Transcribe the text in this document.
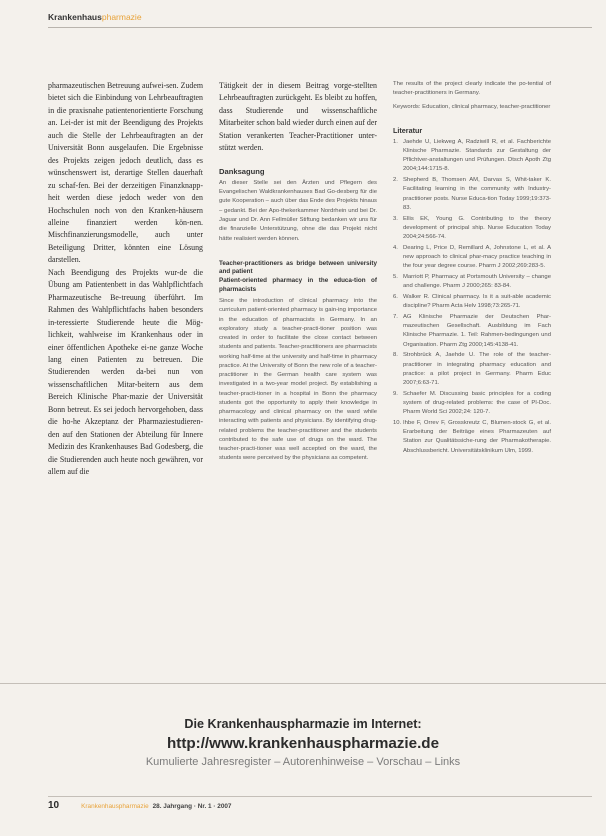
Krankenhauspharmazie

pharmazeutischen Betreuung aufwei-sen. Zudem bietet sich die Einbindung von Lehrbeauftragten in die praxisnahe patientenorientierte Forschung an. Lei-der ist mit der Beendigung des Projekts auch die Stelle der Lehrbeauftragten an der Universität Bonn ausgelaufen. Die Ergebnisse des Projekts zeigen jedoch deutlich, dass es wünschenswert ist, derartige Stellen dauerhaft zu schaf-fen. Bei der derzeitigen Finanzknapp-heit werden diese jedoch weder von den Hochschulen noch von den Kranken-häusern alleine finanziert werden kön-nen. Mischfinanzierungsmodelle, auch unter Beteiligung Dritter, könnten eine Lösung darstellen.

Nach Beendigung des Projekts wur-de die Übung am Patientenbett in das Wahlpflichtfach Pharmazeutische Be-treuung überführt. Im Rahmen des Wahlpflichtfachs haben besonders in-teressierte Studierende heute die Mög-lichkeit, wahlweise im Krankenhaus oder in einer öffentlichen Apotheke ei-ne ganze Woche lang einen Patienten zu betreuen. Die Studierenden werden da-bei nun von wissenschaftlichen Mitar-beitern aus dem Bereich Klinische Phar-mazie der Universität Bonn betreut. Es sei jedoch hervorgehoben, dass die ho-he Akzeptanz der Pharmaziestudieren-den auf den Stationen der Abteilung für Innere Medizin des Krankenhauses Bad Godesberg, die die Studierenden auch heute noch gewähren, vor allem auf die

Tätigkeit der in diesem Beitrag vorge-stellten Lehrbeauftragten zurückgeht. Es bleibt zu hoffen, dass Studierende und wissenschaftliche Mitarbeiter schon bald wieder durch einen auf der Station verankerten Teacher-Practitioner unter-stützt werden.

Danksagung

An dieser Stelle sei den Ärzten und Pflegern des Evangelischen Waldkrankenhauses Bad Go-desberg für die gute Kooperation – auch über das Ende des Projekts hinaus – gedankt. Bei der Apo-thekerkammer Nordrhein und bei Dr. Jaguar und Dr. Ann Fellmüller Stiftung bedanken wir uns für die finanzielle Unterstützung, ohne die das Projekt nicht hätte realisiert werden können.

Teacher-practitioners as bridge between university and patient
Patient-oriented pharmacy in the educa-tion of pharmacists

Since the introduction of clinical pharmacy into the curriculum patient-oriented pharmacy is gain-ing importance in the education of pharmacists in Germany. In an exploratory study a teacher-practi-tioner position was created in order to facilitate the close contact between students and patients. Teacher-practitioners are pharmacists working half-time at the university and half-time in pharmacy practice. At the University of Bonn the new role of a teacher-practitioner in the German health care system was investigated in a two-year model project. By establishing a teacher-practi-tioner in a hospital in Bonn the pharmacy students got the opportunity to apply their knowledge in pharmacology and clinical pharmacy on the ward while interacting with patients and physicians. By identifying drug-related problems the teacher-practitioner and the students contributed to the safe use of drugs on the ward. The teacher-practi-tioner was well accepted on the ward, the students were perceived by the physicians as competent.

The results of the project clearly indicate the po-tential of teacher-practitioners in Germany.

Keywords: Education, clinical pharmacy, teacher-practitioner

Literatur
1. Jaehde U, Liekweg A, Radziwill R, et al. Fachberichte Klinische Pharmazie. Standards zur Gestaltung der Pflichtver-anstaltungen und Prüfungen. Dtsch Apoth Ztg 2004;144:1715-8.
2. Shepherd B, Thomsen AM, Darvas S, Whit-taker K. Facilitating learning in the community with Industry-practitioner posts. Nurse Educa-tion Today 1999;19:373-83.
3. Ellis EK, Young G. Contributing to the theory development of principal ship. Nurse Education Today 2004;24:566-74.
4. Dearing L, Price D, Remillard A, Johnstone L, et al. A new approach to clinical phar-macy practice teaching in the four year degree course. Pharm J 2002;269:283-5.
5. Marriott P, Pharmacy at Portsmouth University – change and challenge. Pharm J 2000;265: 83-84.
6. Walker R. Clinical pharmacy. Is it a suit-able academic discipline? Pharm Acta Helv 1998;73:265-71.
7. AG Klinische Pharmazie der Deutschen Phar-mazeutischen Gesellschaft. Ausbildung im Fach Klinische Pharmazie. 1. Teil: Rahmen-bedingungen und Organisation. Pharm Ztg 2000;145:4138-41.
8. Strohbrück A, Jaehde U. The role of the teacher-practitioner in integrating pharmacy education and practice: a pilot project in Germany. Pharm Educ 2007;6:63-71.
9. Schaefer M. Discussing basic principles for a coding system of drug-related problems: the case of PI-Doc. Pharm World Sci 2002;24: 120-7.
10. Ihbe F, Orrev F, Grosskreutz C, Blumen-stock G, et al. Erarbeitung der Beiträge eines Pharmazeuten auf Station zur Qualitätssiche-rung der Pharmakotherapie. Abschlussbericht. Universitätsklinikum Ulm, 1999.

Die Krankenhauspharmazie im Internet:

http://www.krankenhauspharmazie.de

Kumulierte Jahresregister – Autorenhinweise – Vorschau – Links

10	Krankenhauspharmazie 28. Jahrgang · Nr. 1 · 2007
